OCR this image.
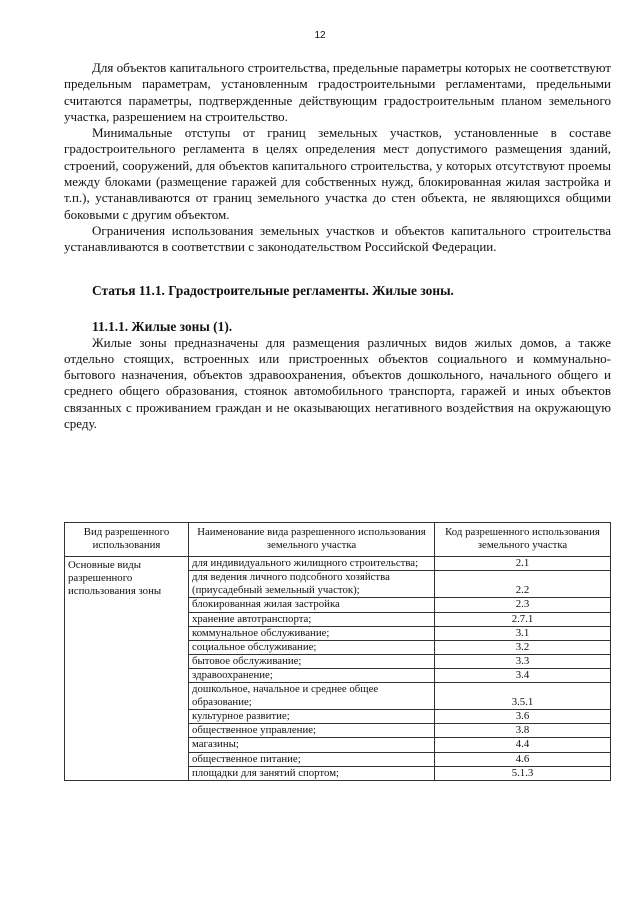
12

Для объектов капитального строительства, предельные параметры которых не соответствуют предельным параметрам, установленным градостроительными регламентами, предельными считаются параметры, подтвержденные действующим градостроительным планом земельного участка, разрешением на строительство.

Минимальные отступы от границ земельных участков, установленные в составе градостроительного регламента в целях определения мест допустимого размещения зданий, строений, сооружений, для объектов капитального строительства, у которых отсутствуют проемы между блоками (размещение гаражей для собственных нужд, блокированная жилая застройка и т.п.), устанавливаются от границ земельного участка до стен объекта, не являющихся общими боковыми с другим объектом.

Ограничения использования земельных участков и объектов капитального строительства устанавливаются в соответствии с законодательством Российской Федерации.

Статья 11.1. Градостроительные регламенты. Жилые зоны.
11.1.1. Жилые зоны (1).

Жилые зоны предназначены для размещения различных видов жилых домов, а также отдельно стоящих, встроенных или пристроенных объектов социального и коммунально-бытового назначения, объектов здравоохранения, объектов дошкольного, начального общего и среднего общего образования, стоянок автомобильного транспорта, гаражей и иных объектов связанных с проживанием граждан и не оказывающих негативного воздействия на окружающую среду.

Вид разрешенного использования	Наименование вида разрешенного использования земельного участка	Код разрешенного использования земельного участка
Основные виды разрешенного использования зоны	для индивидуального жилищного строительства;	2.1
	для ведения личного подсобного хозяйства (приусадебный земельный участок);	2.2
	блокированная жилая застройка	2.3
	хранение автотранспорта;	2.7.1
	коммунальное обслуживание;	3.1
	социальное обслуживание;	3.2
	бытовое обслуживание;	3.3
	здравоохранение;	3.4
	дошкольное, начальное и среднее общее образование;	3.5.1
	культурное развитие;	3.6
	общественное управление;	3.8
	магазины;	4.4
	общественное питание;	4.6
	площадки для занятий спортом;	5.1.3
